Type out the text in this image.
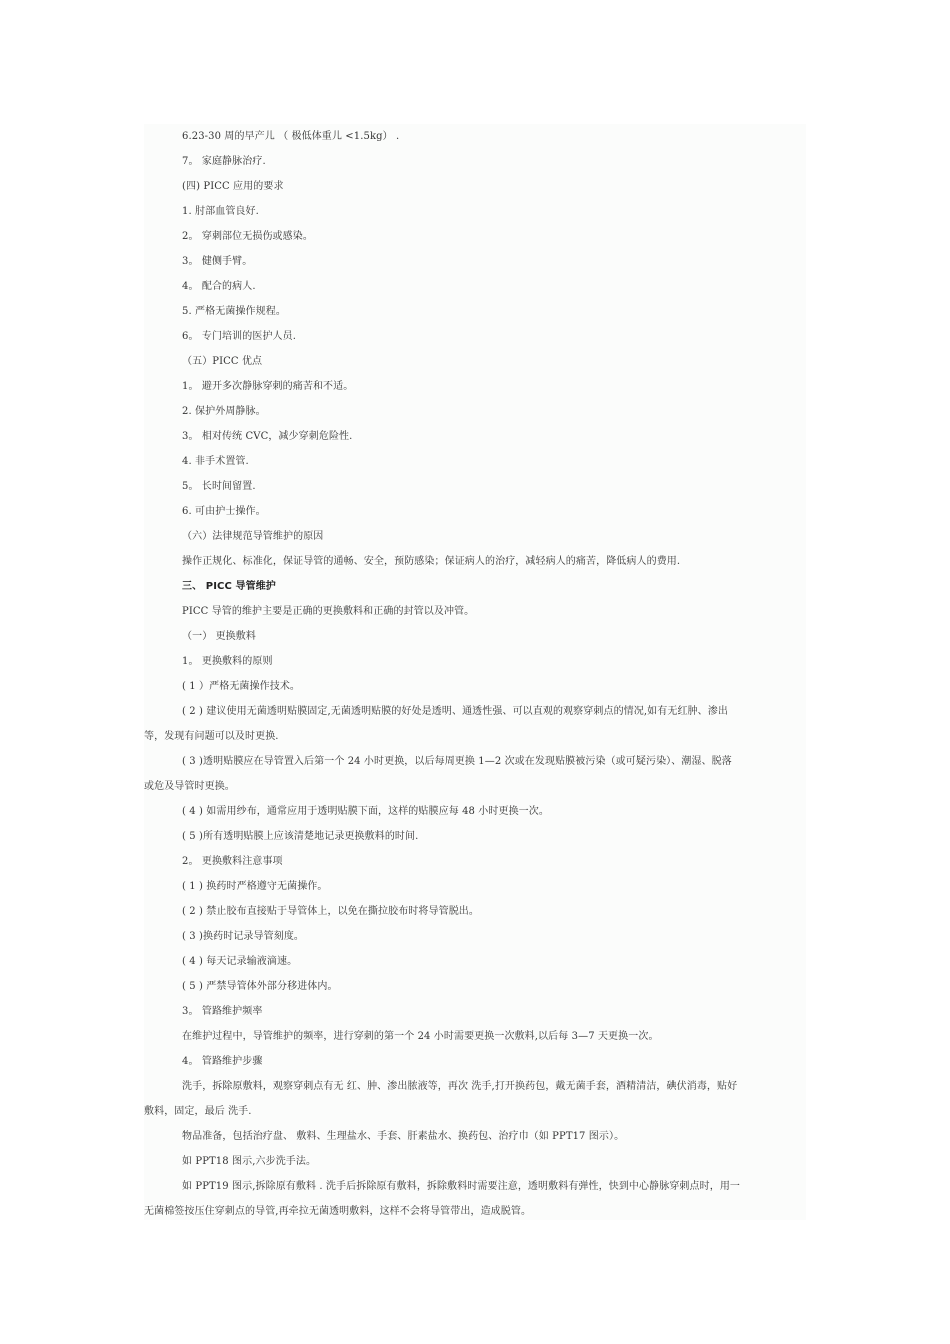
6.23-30 周的早产儿 （ 极低体重儿 <1.5kg） .
7。 家庭静脉治疗.
(四) PICC 应用的要求
1. 肘部血管良好.
2。 穿刺部位无损伤或感染。
3。 健侧手臂。
4。 配合的病人.
5. 严格无菌操作规程。
6。 专门培训的医护人员.
（五）PICC 优点
1。 避开多次静脉穿刺的痛苦和不适。
2. 保护外周静脉。
3。 相对传统 CVC，减少穿刺危险性.
4. 非手术置管.
5。 长时间留置.
6. 可由护士操作。
（六）法律规范导管维护的原因
操作正规化、标准化，保证导管的通畅、安全，预防感染；保证病人的治疗，减轻病人的痛苦，降低病人的费用.
三、 PICC 导管维护
PICC 导管的维护主要是正确的更换敷料和正确的封管以及冲管。
（一） 更换敷料
1。 更换敷料的原则
( 1 ）严格无菌操作技术。
( 2 ) 建议使用无菌透明贴膜固定,无菌透明贴膜的好处是透明、通透性强、可以直观的观察穿刺点的情况,如有无红肿、渗出
等，发现有问题可以及时更换.
( 3 )透明贴膜应在导管置入后第一个 24 小时更换，以后每周更换 1—2 次或在发现贴膜被污染（或可疑污染）、潮湿、脱落
或危及导管时更换。
( 4 ) 如需用纱布，通常应用于透明贴膜下面，这样的贴膜应每 48 小时更换一次。
( 5 )所有透明贴膜上应该清楚地记录更换敷料的时间.
2。 更换敷料注意事项
( 1 ) 换药时严格遵守无菌操作。
( 2 ) 禁止胶布直接贴于导管体上，以免在撕拉胶布时将导管脱出。
( 3 )换药时记录导管刻度。
( 4 ) 每天记录输液滴速。
( 5 ) 严禁导管体外部分移进体内。
3。 管路维护频率
在维护过程中，导管维护的频率，进行穿刺的第一个 24 小时需要更换一次敷料,以后每 3—7 天更换一次。
4。 管路维护步骤
洗手，拆除原敷料，观察穿刺点有无 红、肿、渗出脓液等，再次 洗手,打开换药包，戴无菌手套，酒精清洁，碘伏消毒，贴好
敷料，固定，最后 洗手.
物品准备，包括治疗盘、 敷料、生理盐水、手套、肝素盐水、换药包、治疗巾（如 PPT17 图示）。
如 PPT18 图示,六步洗手法。
如 PPT19 图示,拆除原有敷料 . 洗手后拆除原有敷料，拆除敷料时需要注意，透明敷料有弹性，快到中心静脉穿刺点时，用一
无菌棉签按压住穿刺点的导管,再牵拉无菌透明敷料，这样不会将导管带出，造成脱管。
